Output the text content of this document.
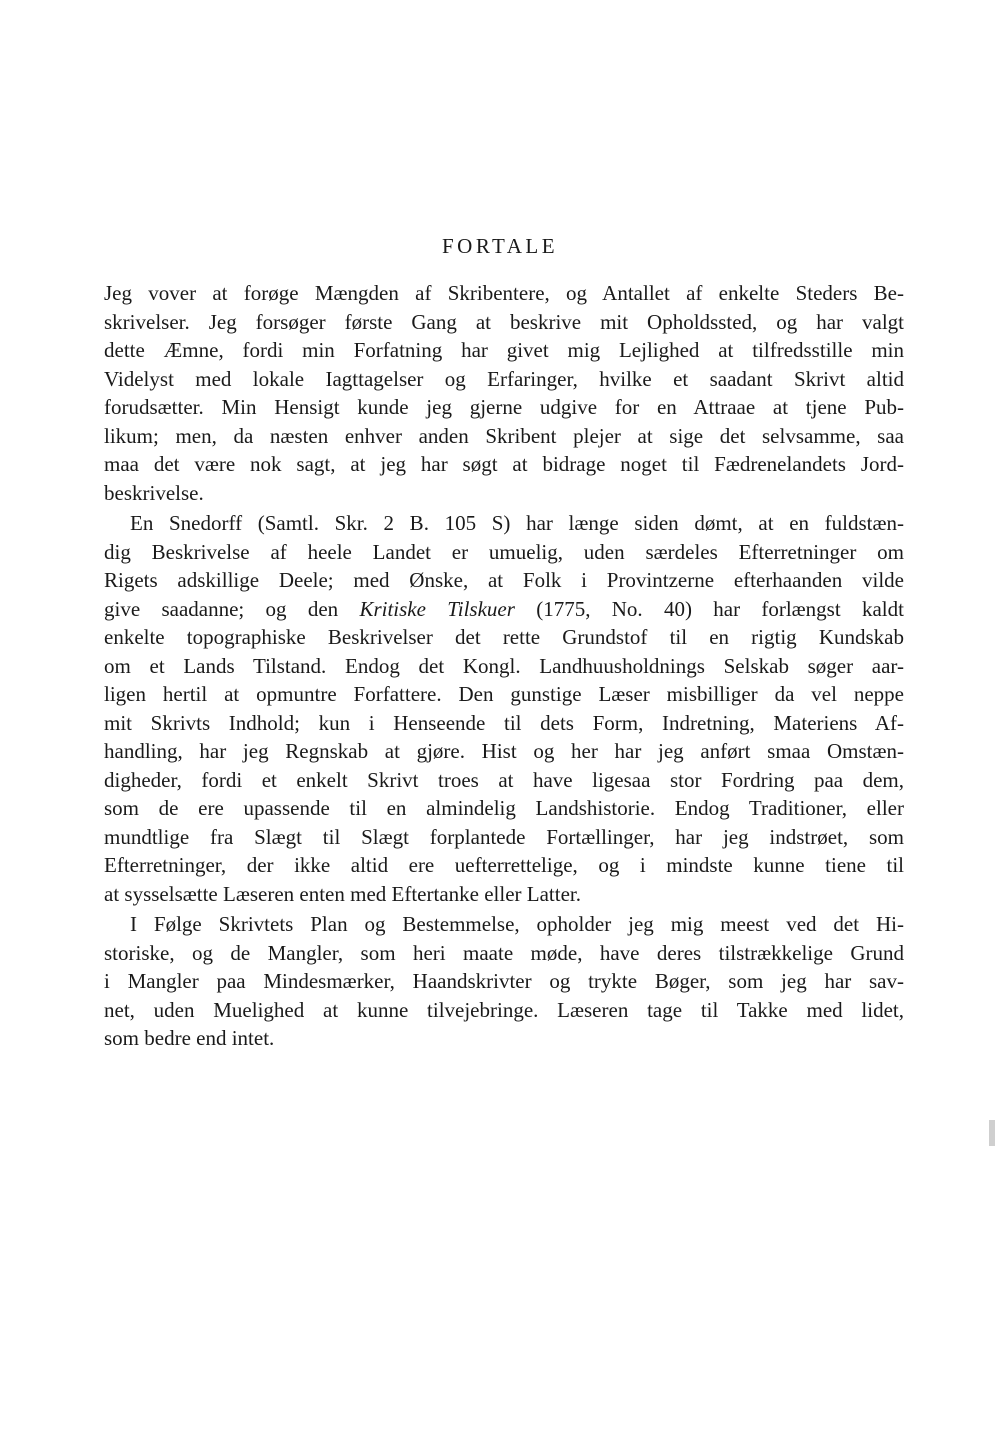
FORTALE
Jeg vover at forøge Mængden af Skribentere, og Antallet af enkelte Steders Be-
skrivelser. Jeg forsøger første Gang at beskrive mit Opholdssted, og har valgt
dette Æmne, fordi min Forfatning har givet mig Lejlighed at tilfredsstille min
Videlyst med lokale Iagttagelser og Erfaringer, hvilke et saadant Skrivt altid
forudsætter. Min Hensigt kunde jeg gjerne udgive for en Attraae at tjene Pub-
likum; men, da næsten enhver anden Skribent plejer at sige det selvsamme, saa
maa det være nok sagt, at jeg har søgt at bidrage noget til Fædrenelandets Jord-
beskrivelse.
En Snedorff (Samtl. Skr. 2 B. 105 S) har længe siden dømt, at en fuldstæn-
dig Beskrivelse af heele Landet er umuelig, uden særdeles Efterretninger om
Rigets adskillige Deele; med Ønske, at Folk i Provintzerne efterhaanden vilde
give saadanne; og den Kritiske Tilskuer (1775, No. 40) har forlængst kaldt
enkelte topographiske Beskrivelser det rette Grundstof til en rigtig Kundskab
om et Lands Tilstand. Endog det Kongl. Landhuusholdnings Selskab søger aar-
ligen hertil at opmuntre Forfattere. Den gunstige Læser misbilliger da vel neppe
mit Skrivts Indhold; kun i Henseende til dets Form, Indretning, Materiens Af-
handling, har jeg Regnskab at gjøre. Hist og her har jeg anført smaa Omstæn-
digheder, fordi et enkelt Skrivt troes at have ligesaa stor Fordring paa dem,
som de ere upassende til en almindelig Landshistorie. Endog Traditioner, eller
mundtlige fra Slægt til Slægt forplantede Fortællinger, har jeg indstrøet, som
Efterretninger, der ikke altid ere uefterrettelige, og i mindste kunne tiene til
at sysselsætte Læseren enten med Eftertanke eller Latter.
I Følge Skrivtets Plan og Bestemmelse, opholder jeg mig meest ved det Hi-
storiske, og de Mangler, som heri maate møde, have deres tilstrækkelige Grund
i Mangler paa Mindesmærker, Haandskrivter og trykte Bøger, som jeg har sav-
net, uden Muelighed at kunne tilvejebringe. Læseren tage til Takke med lidet,
som bedre end intet.
